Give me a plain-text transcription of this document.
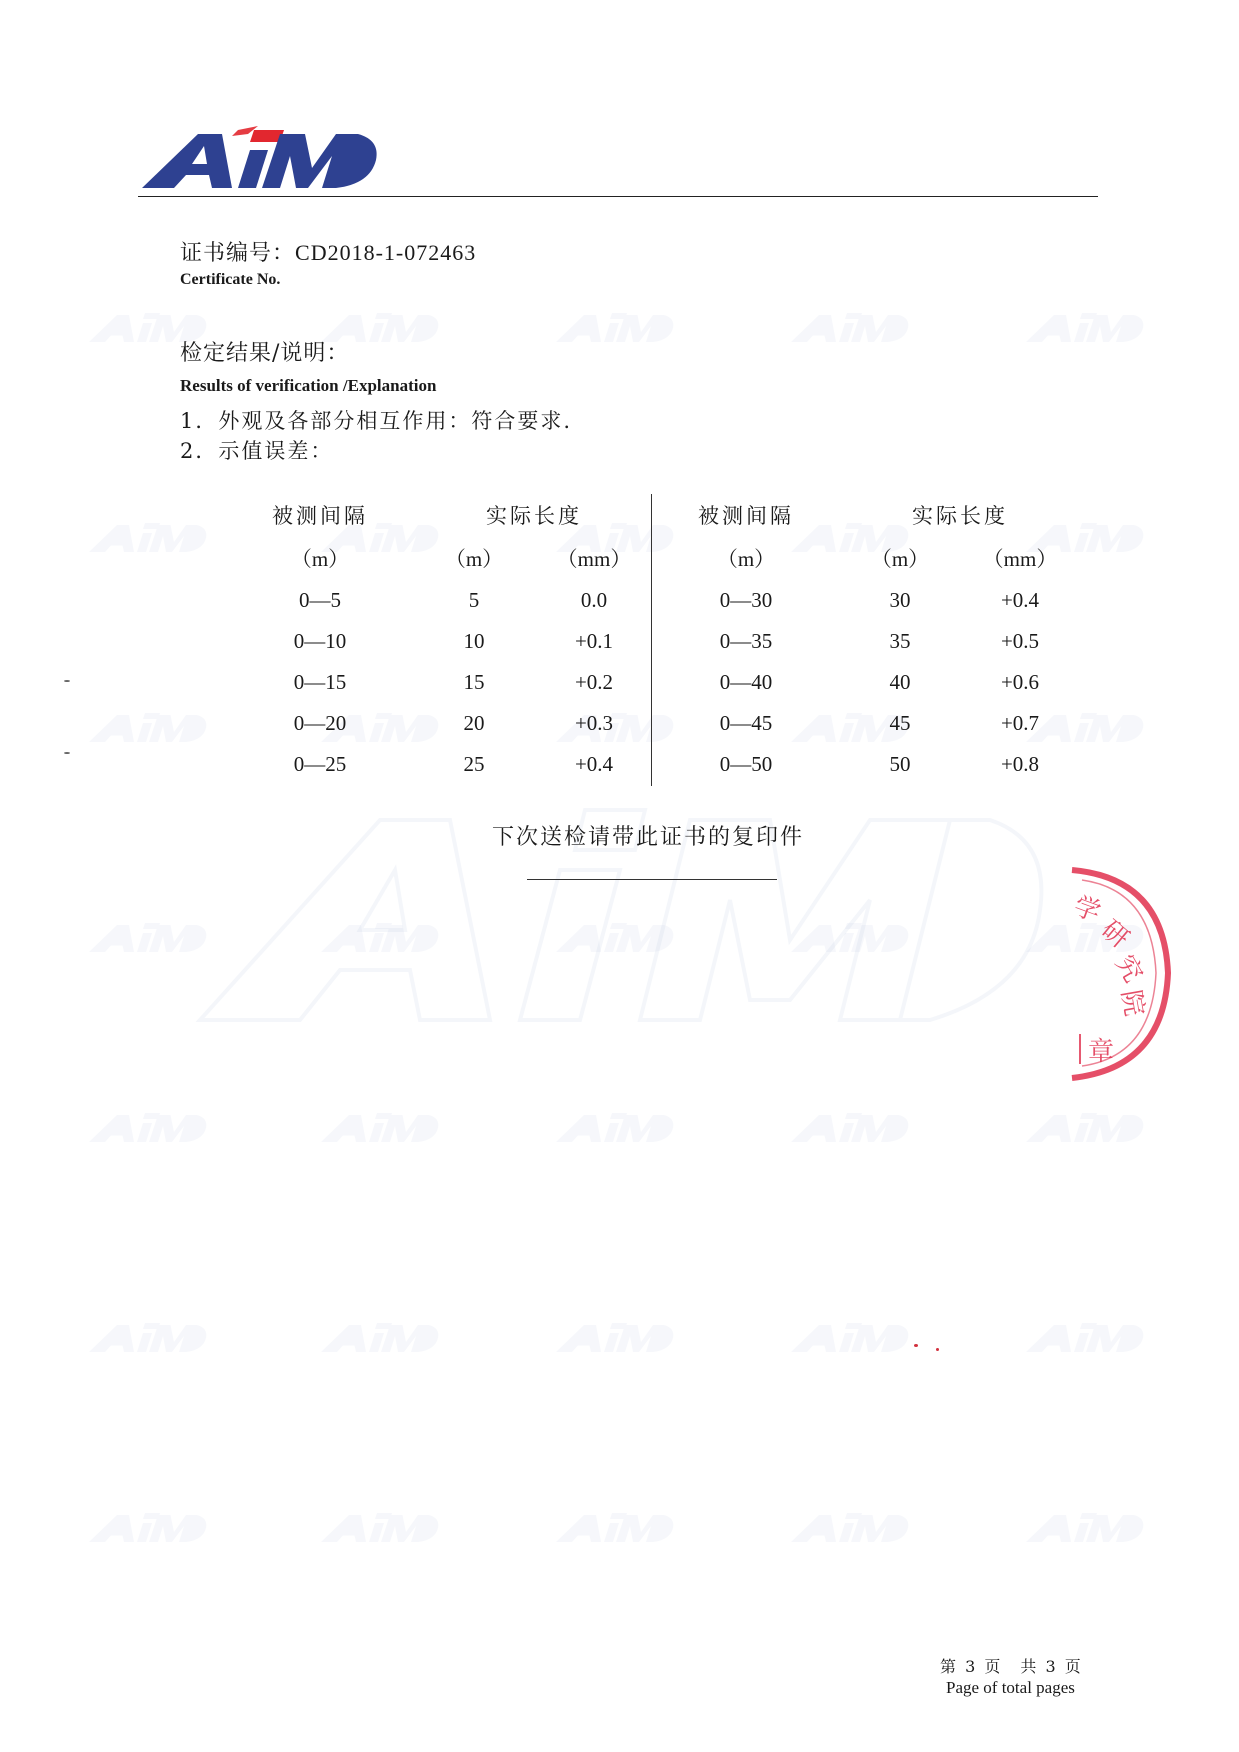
证书编号：CD2018-1-072463
Certificate No.
检定结果/说明：
Results of verification /Explanation
1．外观及各部分相互作用：符合要求.
2．示值误差：
被测间隔	实际长度
（m）	（m）	（mm）
0—5	5	0.0
0—10	10	+0.1
0—15	15	+0.2
0—20	20	+0.3
0—25	25	+0.4
被测间隔	实际长度
（m）	（m）	（mm）
0—30	30	+0.4
0—35	35	+0.5
0—40	40	+0.6
0—45	45	+0.7
0—50	50	+0.8
下次送检请带此证书的复印件
学
研
究
院
章
第 3 页　共 3 页
Page of total pages
